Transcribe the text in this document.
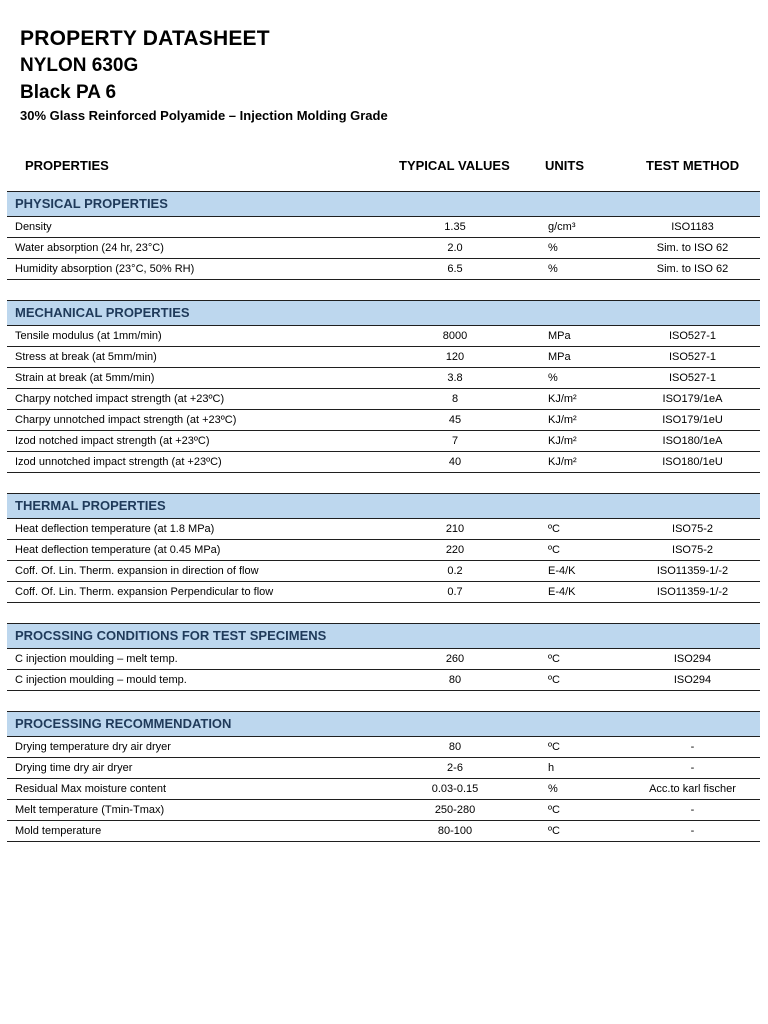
PROPERTY DATASHEET
NYLON 630G
Black PA 6
30% Glass Reinforced Polyamide – Injection Molding Grade
PROPERTIES	TYPICAL VALUES	UNITS	TEST METHOD
PHYSICAL PROPERTIES
Density	1.35	g/cm³	ISO1183
Water absorption (24 hr, 23°C)	2.0	%	Sim. to ISO 62
Humidity absorption (23°C, 50% RH)	6.5	%	Sim. to ISO 62
MECHANICAL PROPERTIES
Tensile modulus (at 1mm/min)	8000	MPa	ISO527-1
Stress at break (at 5mm/min)	120	MPa	ISO527-1
Strain at break (at 5mm/min)	3.8	%	ISO527-1
Charpy notched impact strength (at +23ºC)	8	KJ/m²	ISO179/1eA
Charpy unnotched impact strength (at +23ºC)	45	KJ/m²	ISO179/1eU
Izod notched impact strength (at +23ºC)	7	KJ/m²	ISO180/1eA
Izod unnotched impact strength (at +23ºC)	40	KJ/m²	ISO180/1eU
THERMAL PROPERTIES
Heat deflection temperature (at 1.8 MPa)	210	ºC	ISO75-2
Heat deflection temperature (at 0.45 MPa)	220	ºC	ISO75-2
Coff. Of. Lin. Therm. expansion in direction of flow	0.2	E-4/K	ISO11359-1/-2
Coff. Of. Lin. Therm. expansion Perpendicular to flow	0.7	E-4/K	ISO11359-1/-2
PROCSSING CONDITIONS FOR TEST SPECIMENS
C injection moulding – melt temp.	260	ºC	ISO294
C injection moulding – mould temp.	80	ºC	ISO294
PROCESSING RECOMMENDATION
Drying temperature dry air dryer	80	ºC	-
Drying time dry air dryer	2-6	h	-
Residual Max moisture content	0.03-0.15	%	Acc.to karl fischer
Melt temperature (Tmin-Tmax)	250-280	ºC	-
Mold temperature	80-100	ºC	-
